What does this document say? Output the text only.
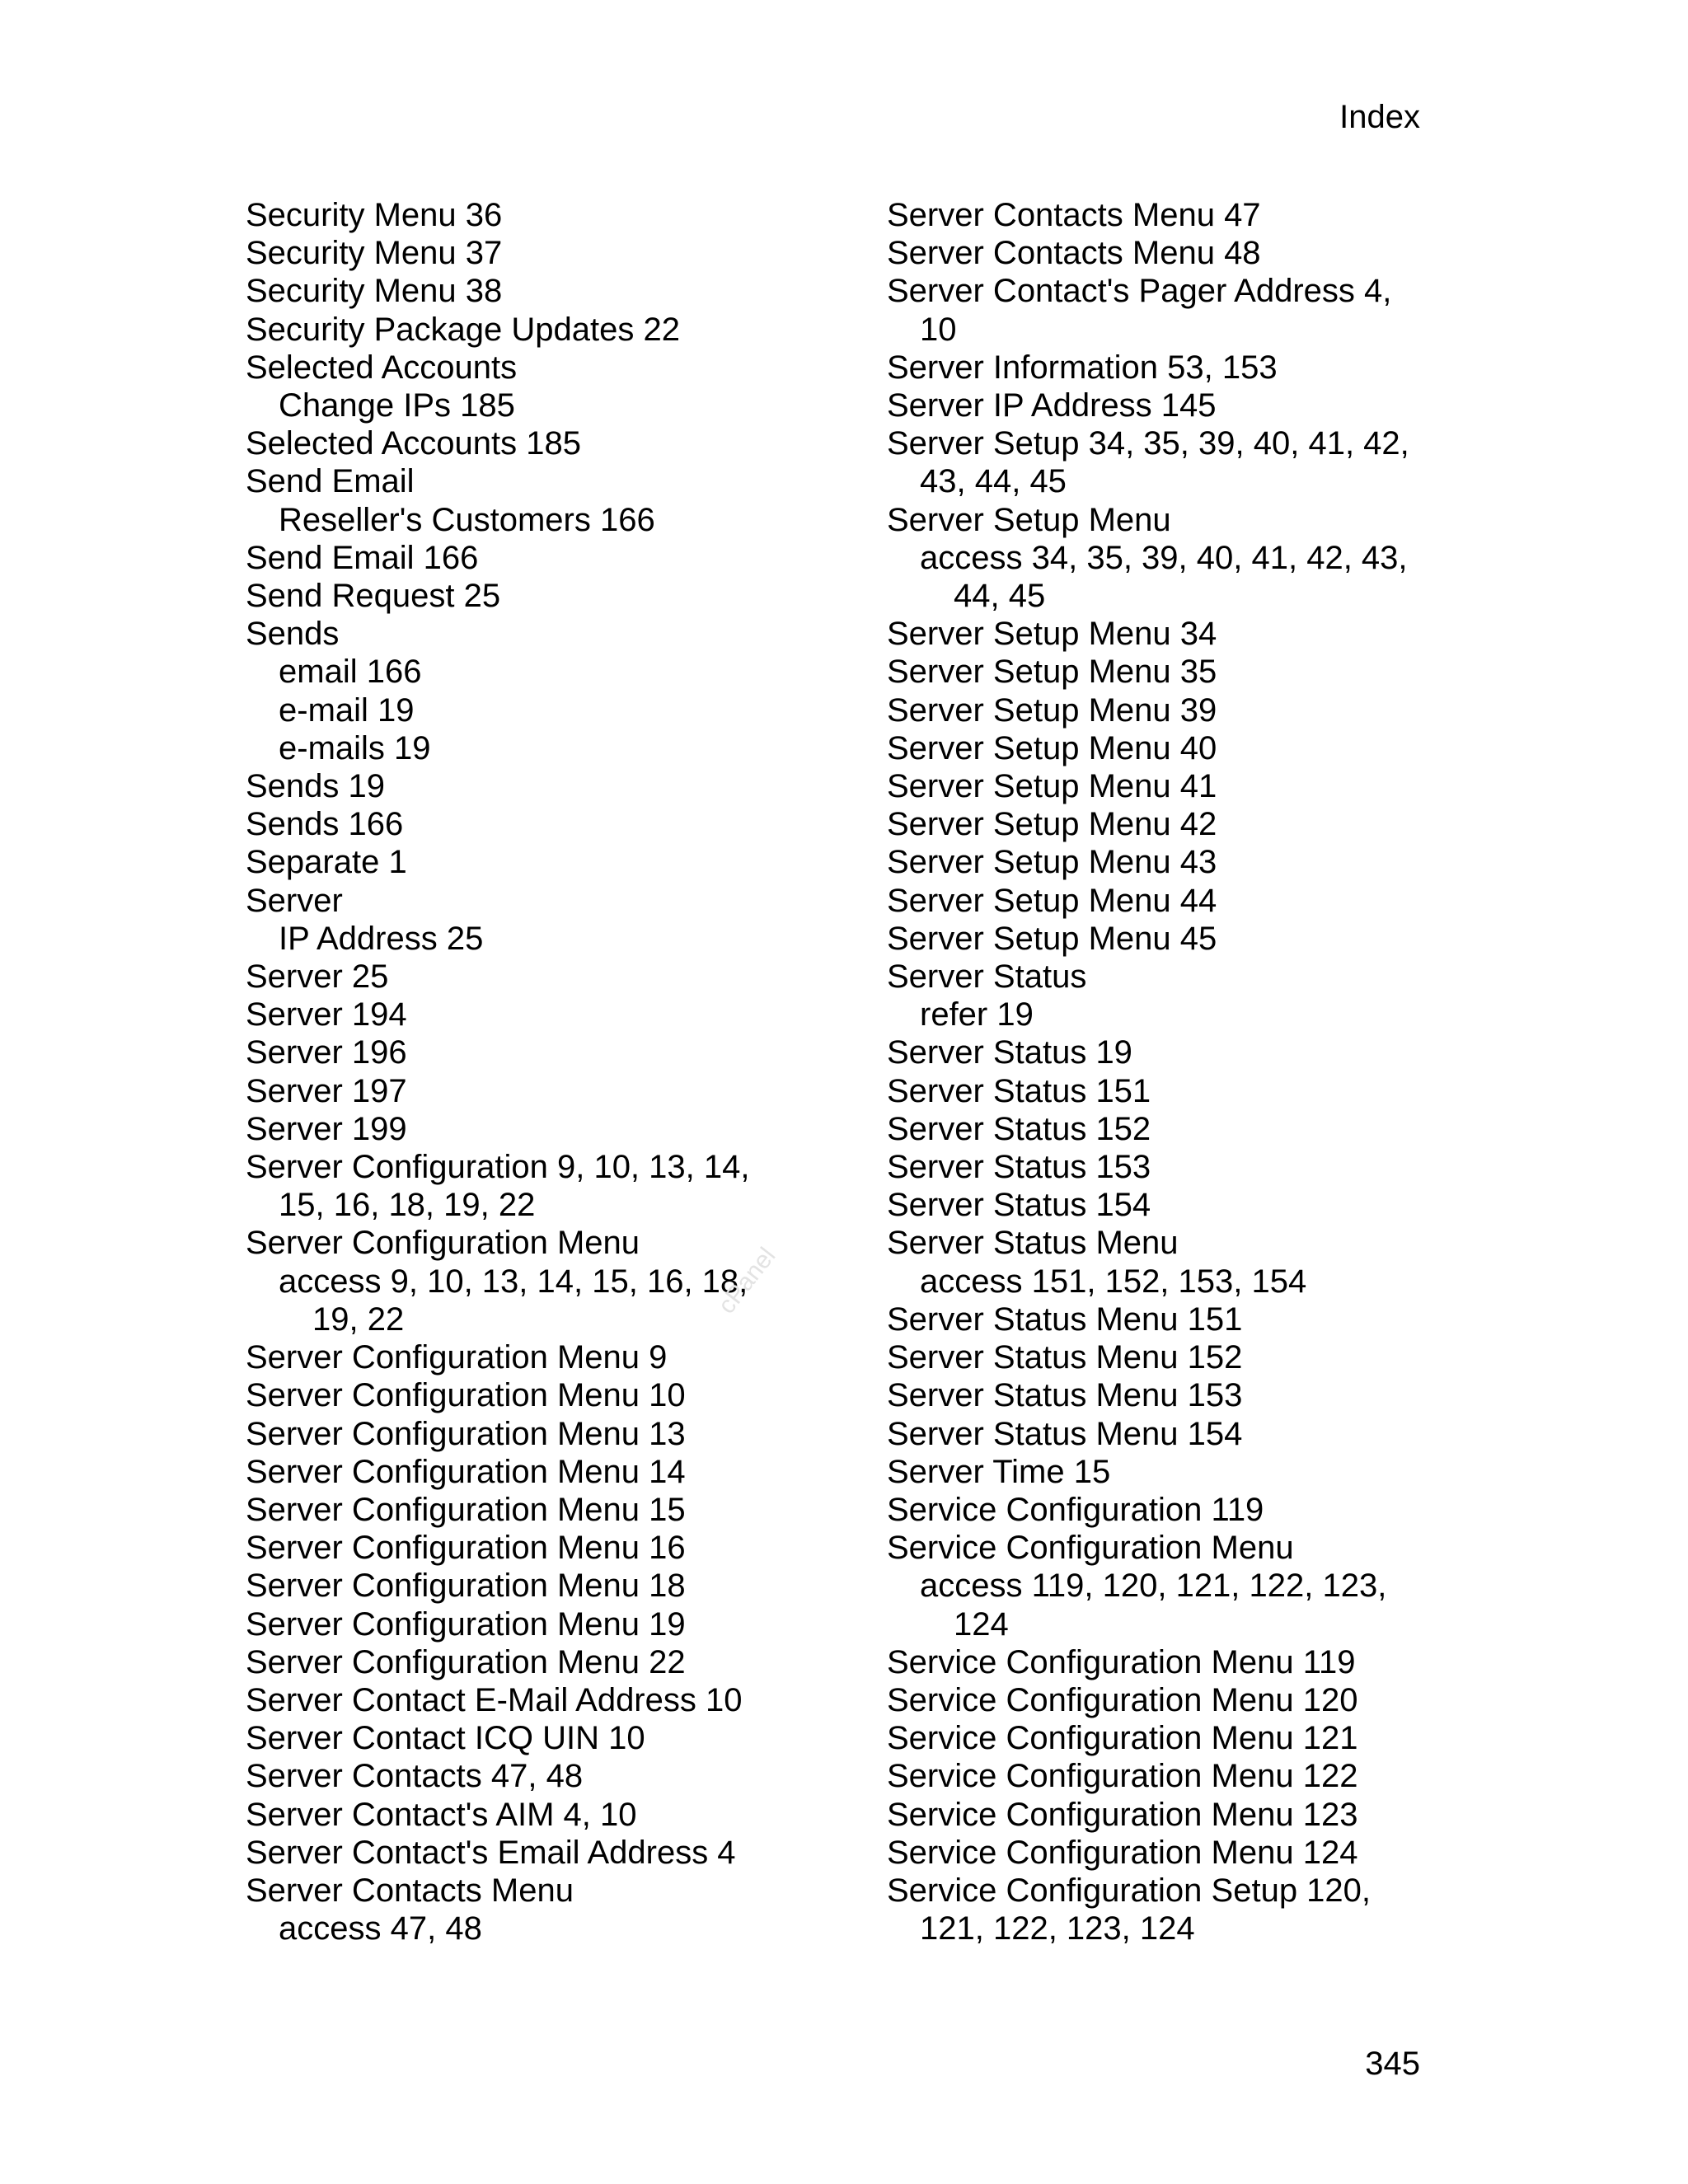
Index
Security Menu 36
Security Menu 37
Security Menu 38
Security Package Updates 22
Selected Accounts
Change IPs 185
Selected Accounts 185
Send Email
Reseller's Customers 166
Send Email 166
Send Request 25
Sends
email 166
e-mail 19
e-mails 19
Sends 19
Sends 166
Separate 1
Server
IP Address 25
Server 25
Server 194
Server 196
Server 197
Server 199
Server Configuration 9, 10, 13, 14,
15, 16, 18, 19, 22
Server Configuration Menu
access 9, 10, 13, 14, 15, 16, 18,
19, 22
Server Configuration Menu 9
Server Configuration Menu 10
Server Configuration Menu 13
Server Configuration Menu 14
Server Configuration Menu 15
Server Configuration Menu 16
Server Configuration Menu 18
Server Configuration Menu 19
Server Configuration Menu 22
Server Contact E-Mail Address 10
Server Contact ICQ UIN 10
Server Contacts 47, 48
Server Contact's AIM 4, 10
Server Contact's Email Address 4
Server Contacts Menu
access 47, 48
Server Contacts Menu 47
Server Contacts Menu 48
Server Contact's Pager Address 4,
10
Server Information 53, 153
Server IP Address 145
Server Setup 34, 35, 39, 40, 41, 42,
43, 44, 45
Server Setup Menu
access 34, 35, 39, 40, 41, 42, 43,
44, 45
Server Setup Menu 34
Server Setup Menu 35
Server Setup Menu 39
Server Setup Menu 40
Server Setup Menu 41
Server Setup Menu 42
Server Setup Menu 43
Server Setup Menu 44
Server Setup Menu 45
Server Status
refer 19
Server Status 19
Server Status 151
Server Status 152
Server Status 153
Server Status 154
Server Status Menu
access 151, 152, 153, 154
Server Status Menu 151
Server Status Menu 152
Server Status Menu 153
Server Status Menu 154
Server Time 15
Service Configuration 119
Service Configuration Menu
access 119, 120, 121, 122, 123,
124
Service Configuration Menu 119
Service Configuration Menu 120
Service Configuration Menu 121
Service Configuration Menu 122
Service Configuration Menu 123
Service Configuration Menu 124
Service Configuration Setup 120,
121, 122, 123, 124
cPanel
345
